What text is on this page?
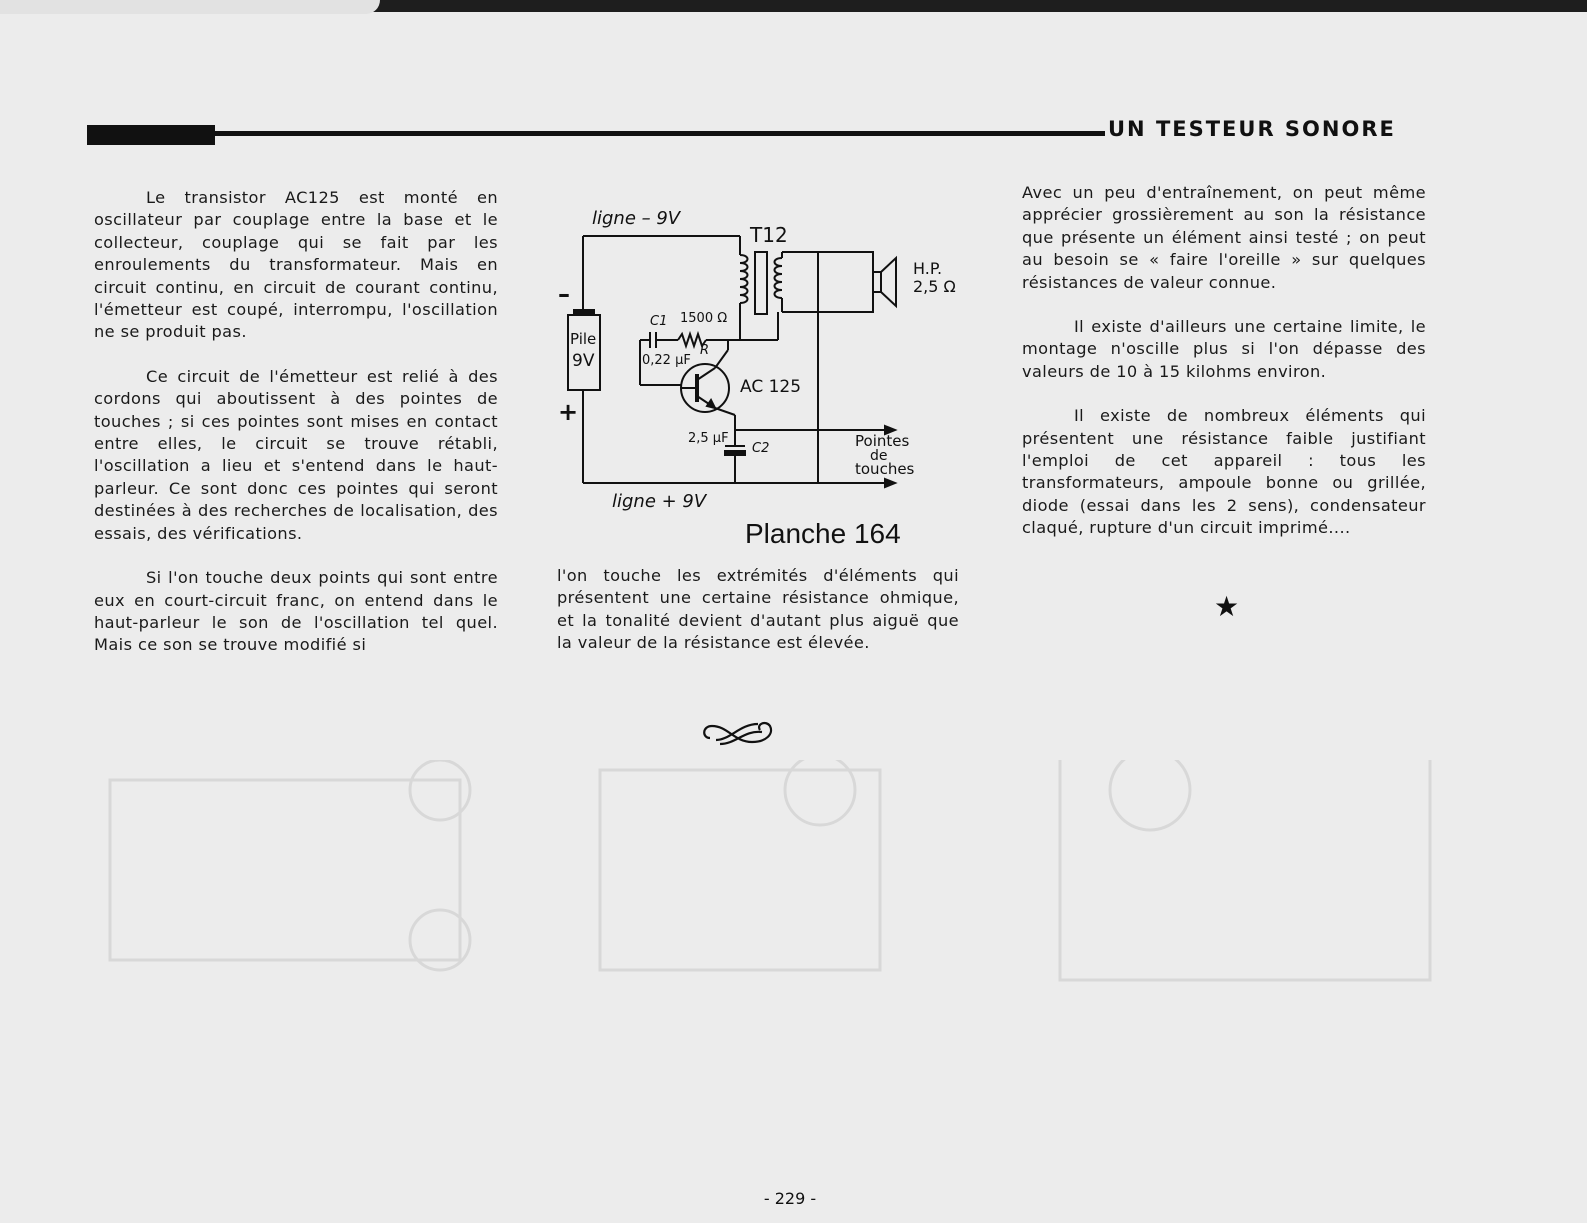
UN TESTEUR SONORE

Le transistor AC125 est monté en oscillateur par couplage entre la base et le collecteur, couplage qui se fait par les enroulements du transformateur. Mais en circuit continu, en circuit de courant continu, l'émetteur est coupé, interrompu, l'oscillation ne se produit pas.

Ce circuit de l'émetteur est relié à des cordons qui aboutissent à des pointes de touches ; si ces pointes sont mises en contact entre elles, le circuit se trouve rétabli, l'oscillation a lieu et s'entend dans le haut-parleur. Ce sont donc ces pointes qui seront destinées à des recherches de localisation, des essais, des vérifications.

Si l'on touche deux points qui sont entre eux en court-circuit franc, on entend dans le haut-parleur le son de l'oscillation tel quel. Mais ce son se trouve modifié si

ligne – 9V
ligne + 9V
T12
H.P.
2,5 Ω
–
+
Pile
9V
C1 1500 Ω
0,22 µF
R
AC 125
2,5 µF
C2	Pointes
de
touches
Planche 164

l'on touche les extrémités d'éléments qui présentent une certaine résistance ohmique, et la tonalité devient d'autant plus aiguë que la valeur de la résistance est élevée.

Avec un peu d'entraînement, on peut même apprécier grossièrement au son la résistance que présente un élément ainsi testé ; on peut au besoin se « faire l'oreille » sur quelques résistances de valeur connue.

Il existe d'ailleurs une certaine limite, le montage n'oscille plus si l'on dépasse des valeurs de 10 à 15 kilohms environ.

Il existe de nombreux éléments qui présentent une résistance faible justifiant l'emploi de cet appareil : tous les transformateurs, ampoule bonne ou grillée, diode (essai dans les 2 sens), condensateur claqué, rupture d'un circuit imprimé....

★
- 229 -
